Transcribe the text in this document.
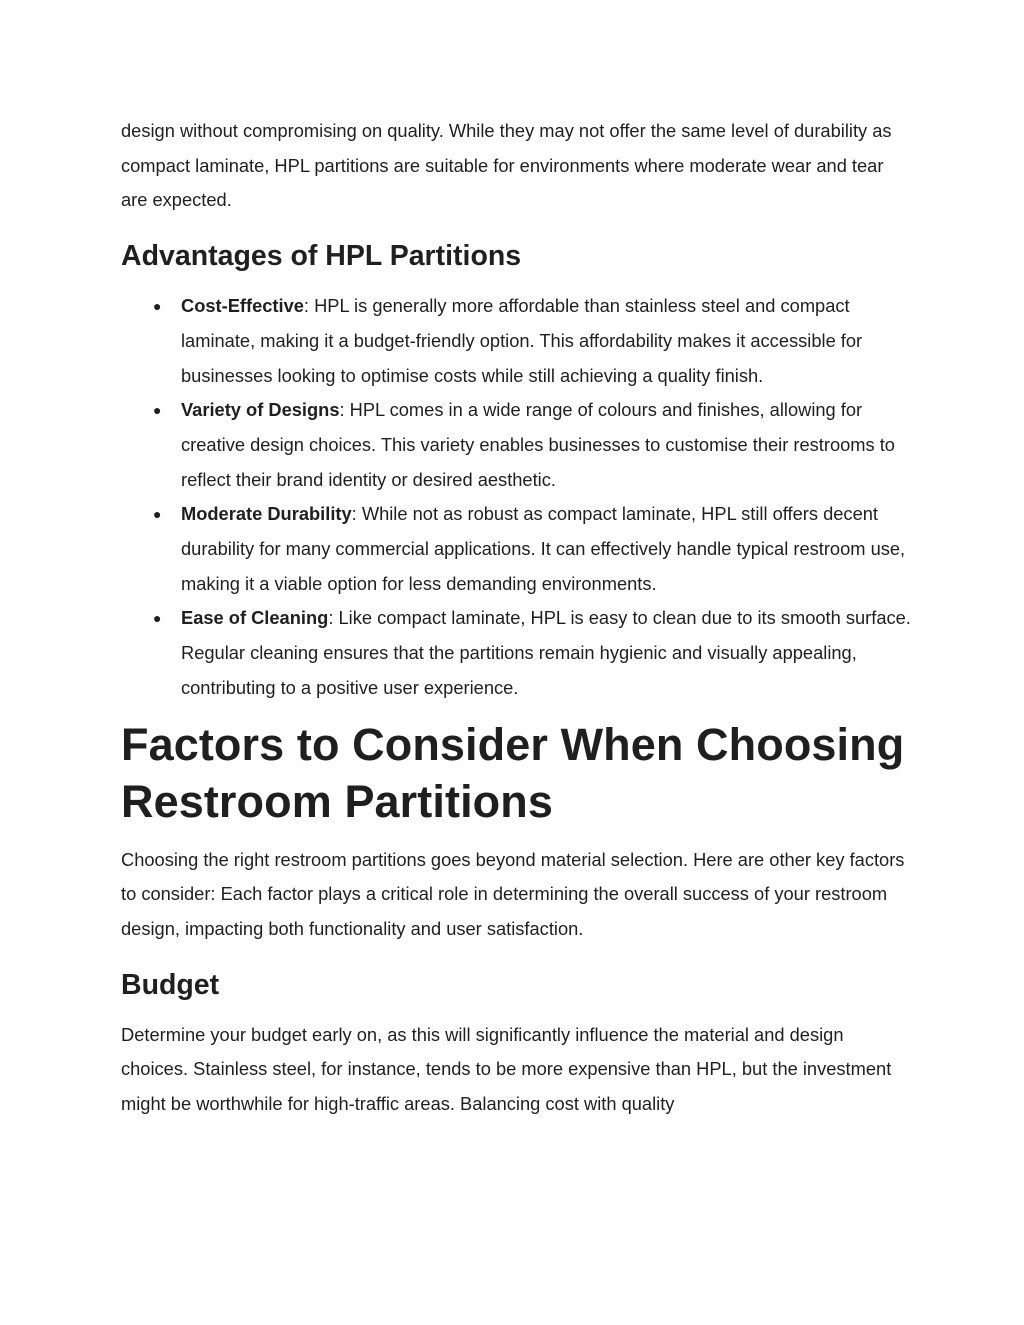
design without compromising on quality. While they may not offer the same level of durability as compact laminate, HPL partitions are suitable for environments where moderate wear and tear are expected.

Advantages of HPL Partitions
● Cost-Effective: HPL is generally more affordable than stainless steel and compact laminate, making it a budget-friendly option. This affordability makes it accessible for businesses looking to optimise costs while still achieving a quality finish.
● Variety of Designs: HPL comes in a wide range of colours and finishes, allowing for creative design choices. This variety enables businesses to customise their restrooms to reflect their brand identity or desired aesthetic.
● Moderate Durability: While not as robust as compact laminate, HPL still offers decent durability for many commercial applications. It can effectively handle typical restroom use, making it a viable option for less demanding environments.
● Ease of Cleaning: Like compact laminate, HPL is easy to clean due to its smooth surface. Regular cleaning ensures that the partitions remain hygienic and visually appealing, contributing to a positive user experience.
Factors to Consider When Choosing Restroom Partitions

Choosing the right restroom partitions goes beyond material selection. Here are other key factors to consider: Each factor plays a critical role in determining the overall success of your restroom design, impacting both functionality and user satisfaction.

Budget

Determine your budget early on, as this will significantly influence the material and design choices. Stainless steel, for instance, tends to be more expensive than HPL, but the investment might be worthwhile for high-traffic areas. Balancing cost with quality
